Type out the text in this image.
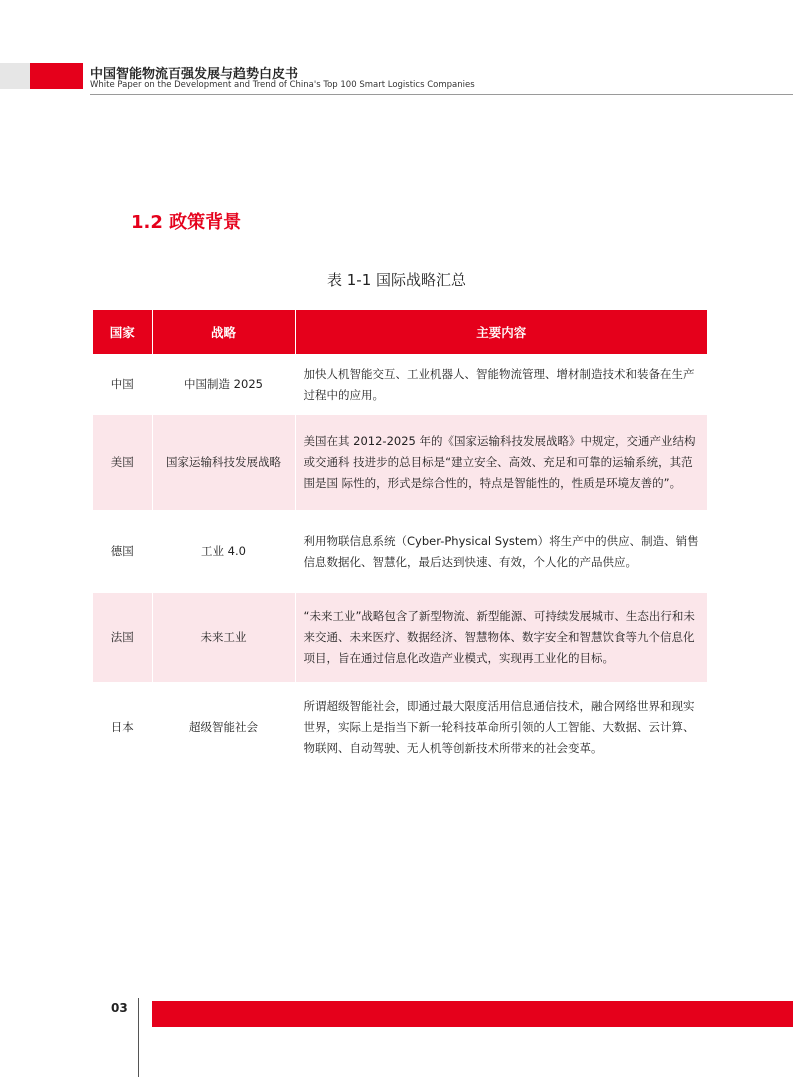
中国智能物流百强发展与趋势白皮书
White Paper on the Development and Trend of China's Top 100 Smart Logistics Companies
1.2 政策背景
表 1-1 国际战略汇总
国家	战略	主要内容
中国	中国制造 2025	加快人机智能交互、工业机器人、智能物流管理、增材制造技术和装备在生产过程中的应用。
美国	国家运输科技发展战略	美国在其 2012-2025 年的《国家运输科技发展战略》中规定，交通产业结构或交通科 技进步的总目标是“建立安全、高效、充足和可靠的运输系统，其范围是国 际性的，形式是综合性的，特点是智能性的，性质是环境友善的”。
德国	工业 4.0	利用物联信息系统（Cyber-Physical System）将生产中的供应、制造、销售信息数据化、智慧化，最后达到快速、有效，个人化的产品供应。
法国	未来工业	“未来工业”战略包含了新型物流、新型能源、可持续发展城市、生态出行和未来交通、未来医疗、数据经济、智慧物体、数字安全和智慧饮食等九个信息化项目，旨在通过信息化改造产业模式，实现再工业化的目标。
日本	超级智能社会	所谓超级智能社会，即通过最大限度活用信息通信技术，融合网络世界和现实世界，实际上是指当下新一轮科技革命所引领的人工智能、大数据、云计算、物联网、自动驾驶、无人机等创新技术所带来的社会变革。
03
